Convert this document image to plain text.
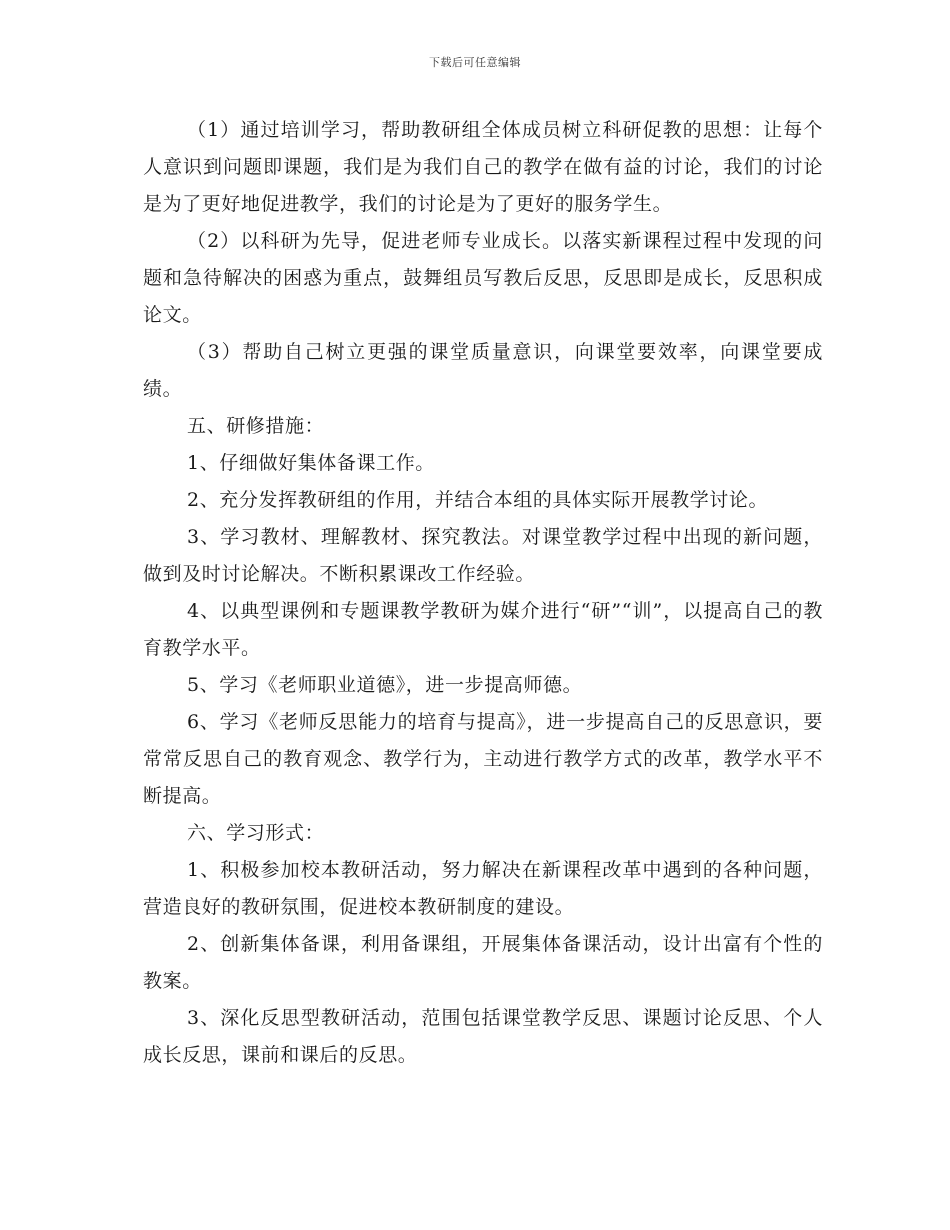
下载后可任意编辑

（1）通过培训学习，帮助教研组全体成员树立科研促教的思想：让每个人意识到问题即课题，我们是为我们自己的教学在做有益的讨论，我们的讨论是为了更好地促进教学，我们的讨论是为了更好的服务学生。

（2）以科研为先导，促进老师专业成长。以落实新课程过程中发现的问题和急待解决的困惑为重点，鼓舞组员写教后反思，反思即是成长，反思积成论文。

（3）帮助自己树立更强的课堂质量意识，向课堂要效率，向课堂要成绩。

五、研修措施：

1、仔细做好集体备课工作。

2、充分发挥教研组的作用，并结合本组的具体实际开展教学讨论。

3、学习教材、理解教材、探究教法。对课堂教学过程中出现的新问题，做到及时讨论解决。不断积累课改工作经验。

4、以典型课例和专题课教学教研为媒介进行“研”“训”，以提高自己的教育教学水平。

5、学习《老师职业道德》，进一步提高师德。

6、学习《老师反思能力的培育与提高》，进一步提高自己的反思意识，要常常反思自己的教育观念、教学行为，主动进行教学方式的改革，教学水平不断提高。

六、学习形式：

1、积极参加校本教研活动，努力解决在新课程改革中遇到的各种问题，营造良好的教研氛围，促进校本教研制度的建设。

2、创新集体备课，利用备课组，开展集体备课活动，设计出富有个性的教案。

3、深化反思型教研活动，范围包括课堂教学反思、课题讨论反思、个人成长反思，课前和课后的反思。
